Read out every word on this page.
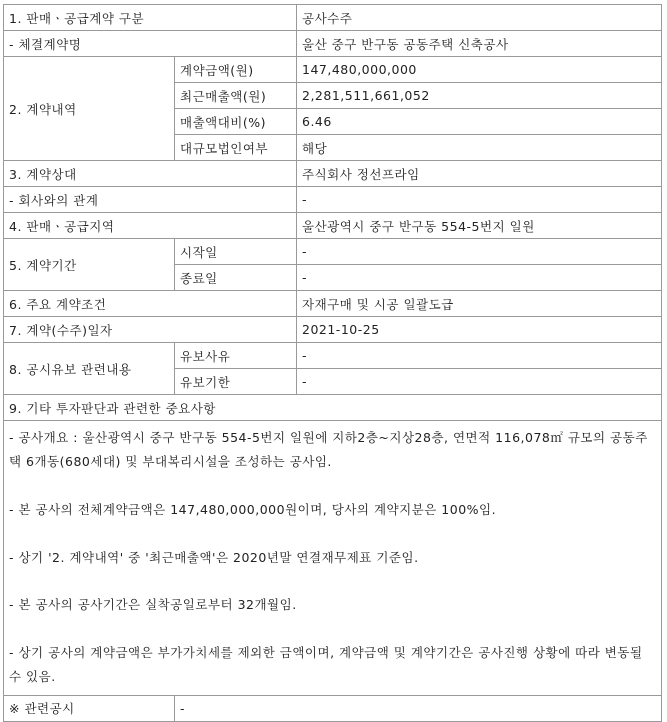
1. 판매ㆍ공급계약 구분		공사수주
- 체결계약명		울산 중구 반구동 공동주택 신축공사
2. 계약내역	계약금액(원)	147,480,000,000
	최근매출액(원)	2,281,511,661,052
	매출액대비(%)	6.46
	대규모법인여부	해당
3. 계약상대		주식회사 정선프라임
- 회사와의 관계		-
4. 판매ㆍ공급지역		울산광역시 중구 반구동 554-5번지 일원
5. 계약기간	시작일	-
	종료일	-
6. 주요 계약조건		자재구매 및 시공 일괄도급
7. 계약(수주)일자		2021-10-25
8. 공시유보 관련내용	유보사유	-
	유보기한	-
9. 기타 투자판단과 관련한 중요사항		

- 공사개요 : 울산광역시 중구 반구동 554-5번지 일원에 지하2층~지상28층, 연면적 116,078㎡ 규모의 공동주택 6개동(680세대) 및 부대복리시설을 조성하는 공사임.

- 본 공사의 전체계약금액은 147,480,000,000원이며, 당사의 계약지분은 100%임.

- 상기 '2. 계약내역' 중 '최근매출액'은 2020년말 연결재무제표 기준임.

- 본 공사의 공사기간은 실착공일로부터 32개월임.

- 상기 공사의 계약금액은 부가가치세를 제외한 금액이며, 계약금액 및 계약기간은 공사진행 상황에 따라 변동될 수 있음.		

※ 관련공시	-	
